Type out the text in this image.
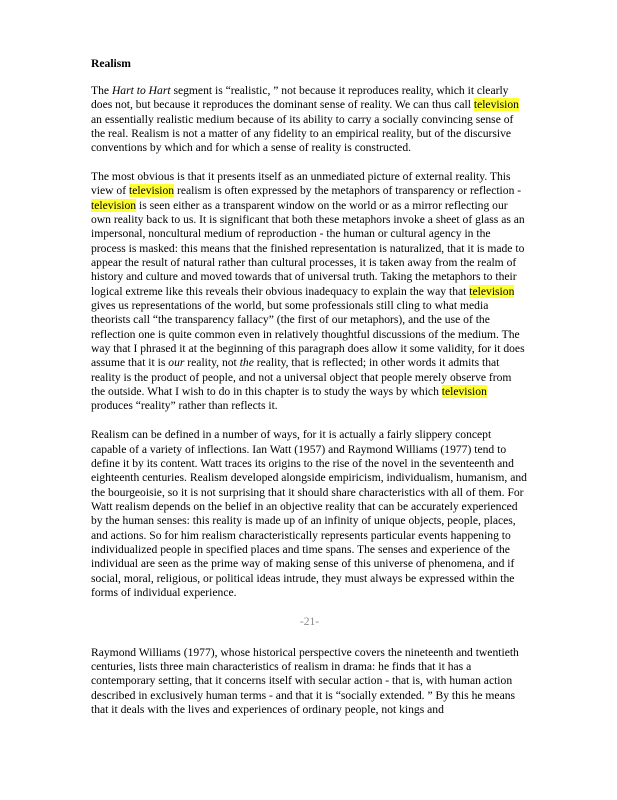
Realism

The Hart to Hart segment is “realistic, ” not because it reproduces reality, which it clearly does not, but because it reproduces the dominant sense of reality. We can thus call television an essentially realistic medium because of its ability to carry a socially convincing sense of the real. Realism is not a matter of any fidelity to an empirical reality, but of the discursive conventions by which and for which a sense of reality is constructed.

The most obvious is that it presents itself as an unmediated picture of external reality. This view of television realism is often expressed by the metaphors of transparency or reflection - television is seen either as a transparent window on the world or as a mirror reflecting our own reality back to us. It is significant that both these metaphors invoke a sheet of glass as an impersonal, noncultural medium of reproduction - the human or cultural agency in the process is masked: this means that the finished representation is naturalized, that it is made to appear the result of natural rather than cultural processes, it is taken away from the realm of history and culture and moved towards that of universal truth. Taking the metaphors to their logical extreme like this reveals their obvious inadequacy to explain the way that television gives us representations of the world, but some professionals still cling to what media theorists call “the transparency fallacy” (the first of our metaphors), and the use of the reflection one is quite common even in relatively thoughtful discussions of the medium. The way that I phrased it at the beginning of this paragraph does allow it some validity, for it does assume that it is our reality, not the reality, that is reflected; in other words it admits that reality is the product of people, and not a universal object that people merely observe from the outside. What I wish to do in this chapter is to study the ways by which television produces “reality” rather than reflects it.

Realism can be defined in a number of ways, for it is actually a fairly slippery concept capable of a variety of inflections. Ian Watt (1957) and Raymond Williams (1977) tend to define it by its content. Watt traces its origins to the rise of the novel in the seventeenth and eighteenth centuries. Realism developed alongside empiricism, individualism, humanism, and the bourgeoisie, so it is not surprising that it should share characteristics with all of them. For Watt realism depends on the belief in an objective reality that can be accurately experienced by the human senses: this reality is made up of an infinity of unique objects, people, places, and actions. So for him realism characteristically represents particular events happening to individualized people in specified places and time spans. The senses and experience of the individual are seen as the prime way of making sense of this universe of phenomena, and if social, moral, religious, or political ideas intrude, they must always be expressed within the forms of individual experience.

-21-

Raymond Williams (1977), whose historical perspective covers the nineteenth and twentieth centuries, lists three main characteristics of realism in drama: he finds that it has a contemporary setting, that it concerns itself with secular action - that is, with human action described in exclusively human terms - and that it is “socially extended. ” By this he means that it deals with the lives and experiences of ordinary people, not kings and
